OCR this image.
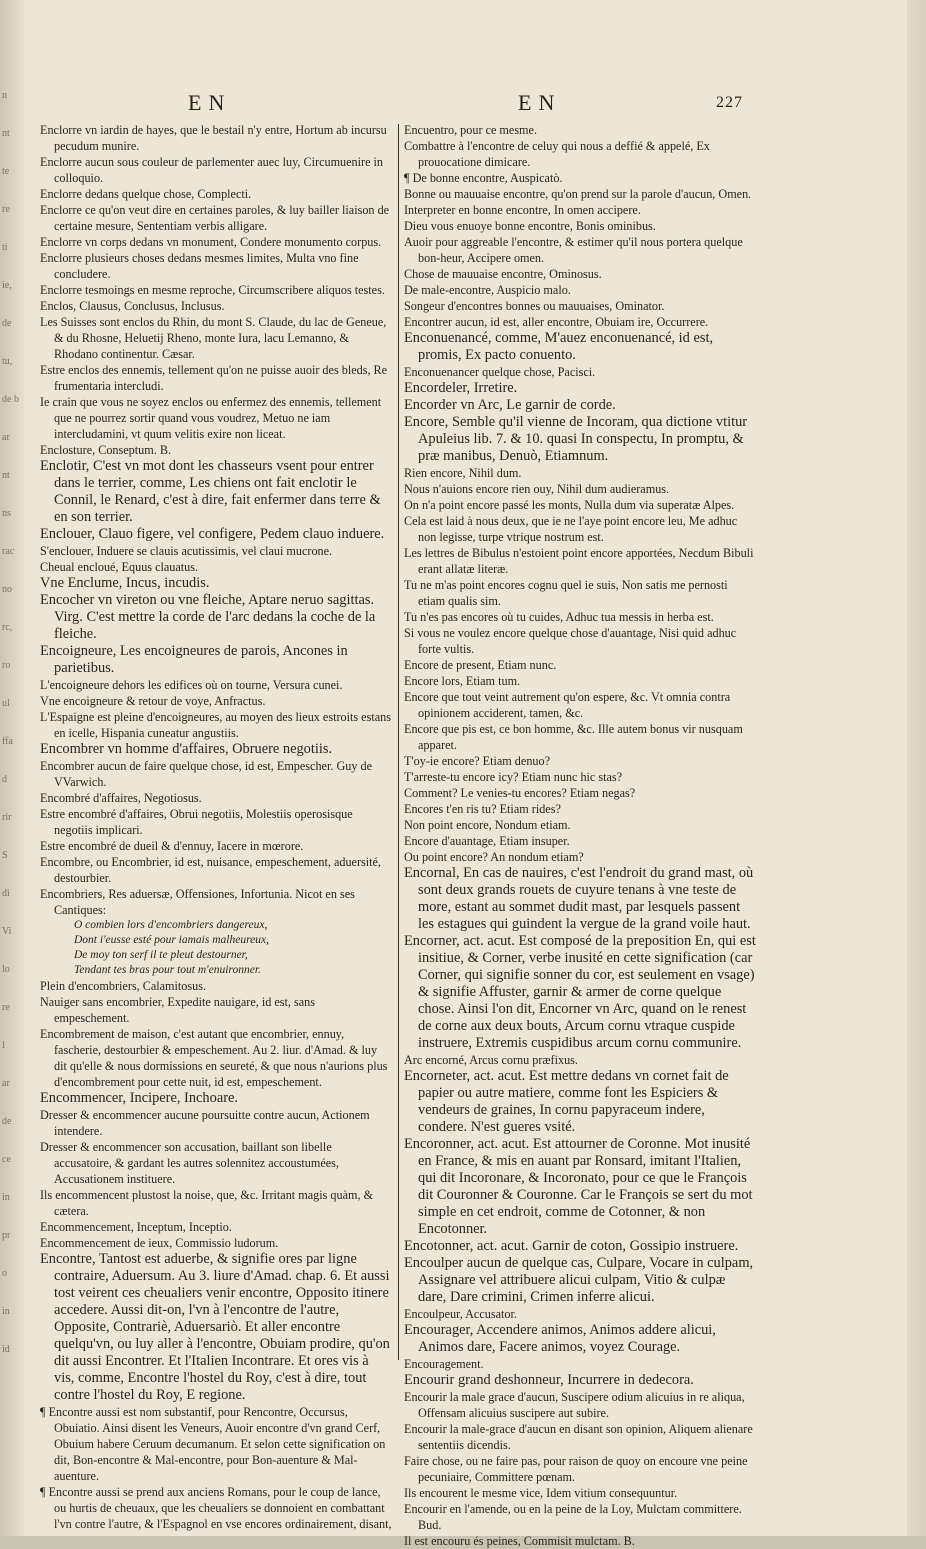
n
nt
te
re
ti
ie,
de
tu,
de b
ar
nt
ns
rac
no
rc,
ro
ul
ffa
d
rir
S
di
Vi
lo
re
l
ar
de
ce
in
pr
o
in
id
EN	EN	227

Enclorre vn iardin de hayes, que le bestail n'y entre, Hortum ab incursu pecudum munire.

Enclorre aucun sous couleur de parlementer auec luy, Circumuenire in colloquio.

Enclorre dedans quelque chose, Complecti.

Enclorre ce qu'on veut dire en certaines paroles, & luy bailler liaison de certaine mesure, Sententiam verbis alligare.

Enclorre vn corps dedans vn monument, Condere monumento corpus.

Enclorre plusieurs choses dedans mesmes limites, Multa vno fine concludere.

Enclorre tesmoings en mesme reproche, Circumscribere aliquos testes.

Enclos, Clausus, Conclusus, Inclusus.

Les Suisses sont enclos du Rhin, du mont S. Claude, du lac de Geneue, & du Rhosne, Heluetij Rheno, monte Iura, lacu Lemanno, & Rhodano continentur. Cæsar.

Estre enclos des ennemis, tellement qu'on ne puisse auoir des bleds, Re frumentaria intercludi.

Ie crain que vous ne soyez enclos ou enfermez des ennemis, tellement que ne pourrez sortir quand vous voudrez, Metuo ne iam intercludamini, vt quum velitis exire non liceat.

Enclosture, Conseptum. B.

Enclotir, C'est vn mot dont les chasseurs vsent pour entrer dans le terrier, comme, Les chiens ont fait enclotir le Connil, le Renard, c'est à dire, fait enfermer dans terre & en son terrier.

Enclouer, Clauo figere, vel configere, Pedem clauo induere.

S'enclouer, Induere se clauis acutissimis, vel claui mucrone.

Cheual encloué, Equus clauatus.

Vne Enclume, Incus, incudis.

Encocher vn vireton ou vne fleiche, Aptare neruo sagittas. Virg. C'est mettre la corde de l'arc dedans la coche de la fleiche.

Encoigneure, Les encoigneures de parois, Ancones in parietibus.

L'encoigneure dehors les edifices où on tourne, Versura cunei.

Vne encoigneure & retour de voye, Anfractus.

L'Espaigne est pleine d'encoigneures, au moyen des lieux estroits estans en icelle, Hispania cuneatur angustiis.

Encombrer vn homme d'affaires, Obruere negotiis.

Encombrer aucun de faire quelque chose, id est, Empescher. Guy de VVarwich.

Encombré d'affaires, Negotiosus.

Estre encombré d'affaires, Obrui negotiis, Molestiis operosisque negotiis implicari.

Estre encombré de dueil & d'ennuy, Iacere in mœrore.

Encombre, ou Encombrier, id est, nuisance, empeschement, aduersité, destourbier.

Encombriers, Res aduersæ, Offensiones, Infortunia. Nicot en ses Cantiques:

O combien lors d'encombriers dangereux,

Dont i'eusse esté pour iamais malheureux,

De moy ton serf il te pleut destourner,

Tendant tes bras pour tout m'enuironner.

Plein d'encombriers, Calamitosus.

Nauiger sans encombrier, Expedite nauigare, id est, sans empeschement.

Encombrement de maison, c'est autant que encombrier, ennuy, fascherie, destourbier & empeschement. Au 2. liur. d'Amad. & luy dit qu'elle & nous dormissions en seureté, & que nous n'aurions plus d'encombrement pour cette nuit, id est, empeschement.

Encommencer, Incipere, Inchoare.

Dresser & encommencer aucune poursuitte contre aucun, Actionem intendere.

Dresser & encommencer son accusation, baillant son libelle accusatoire, & gardant les autres solennitez accoustumées, Accusationem instituere.

Ils encommencent plustost la noise, que, &c. Irritant magis quàm, & cætera.

Encommencement, Inceptum, Inceptio.

Encommencement de ieux, Commissio ludorum.

Encontre, Tantost est aduerbe, & signifie ores par ligne contraire, Aduersum. Au 3. liure d'Amad. chap. 6. Et aussi tost veirent ces cheualiers venir encontre, Opposito itinere accedere. Aussi dit-on, l'vn à l'encontre de l'autre, Opposite, Contrariè, Aduersariò. Et aller encontre quelqu'vn, ou luy aller à l'encontre, Obuiam prodire, qu'on dit aussi Encontrer. Et l'Italien Incontrare. Et ores vis à vis, comme, Encontre l'hostel du Roy, c'est à dire, tout contre l'hostel du Roy, E regione.

¶ Encontre aussi est nom substantif, pour Rencontre, Occursus, Obuiatio. Ainsi disent les Veneurs, Auoir encontre d'vn grand Cerf, Obuium habere Ceruum decumanum. Et selon cette signification on dit, Bon-encontre & Mal-encontre, pour Bon-auenture & Mal-auenture.

¶ Encontre aussi se prend aux anciens Romans, pour le coup de lance, ou hurtis de cheuaux, que les cheualiers se donnoient en combattant l'vn contre l'autre, & l'Espagnol en vse encores ordinairement, disant,

Encuentro, pour ce mesme.

Combattre à l'encontre de celuy qui nous a deffié & appelé, Ex prouocatione dimicare.

¶ De bonne encontre, Auspicatò.

Bonne ou mauuaise encontre, qu'on prend sur la parole d'aucun, Omen.

Interpreter en bonne encontre, In omen accipere.

Dieu vous enuoye bonne encontre, Bonis ominibus.

Auoir pour aggreable l'encontre, & estimer qu'il nous portera quelque bon-heur, Accipere omen.

Chose de mauuaise encontre, Ominosus.

De male-encontre, Auspicio malo.

Songeur d'encontres bonnes ou mauuaises, Ominator.

Encontrer aucun, id est, aller encontre, Obuiam ire, Occurrere.

Enconuenancé, comme, M'auez enconuenancé, id est, promis, Ex pacto conuento.

Enconuenancer quelque chose, Pacisci.

Encordeler, Irretire.

Encorder vn Arc, Le garnir de corde.

Encore, Semble qu'il vienne de Incoram, qua dictione vtitur Apuleius lib. 7. & 10. quasi In conspectu, In promptu, & præ manibus, Denuò, Etiamnum.

Rien encore, Nihil dum.

Nous n'auions encore rien ouy, Nihil dum audieramus.

On n'a point encore passé les monts, Nulla dum via superatæ Alpes.

Cela est laid à nous deux, que ie ne l'aye point encore leu, Me adhuc non legisse, turpe vtrique nostrum est.

Les lettres de Bibulus n'estoient point encore apportées, Necdum Bibuli erant allatæ literæ.

Tu ne m'as point encores cognu quel ie suis, Non satis me pernosti etiam qualis sim.

Tu n'es pas encores où tu cuides, Adhuc tua messis in herba est.

Si vous ne voulez encore quelque chose d'auantage, Nisi quid adhuc forte vultis.

Encore de present, Etiam nunc.

Encore lors, Etiam tum.

Encore que tout veint autrement qu'on espere, &c. Vt omnia contra opinionem acciderent, tamen, &c.

Encore que pis est, ce bon homme, &c. Ille autem bonus vir nusquam apparet.

T'oy-ie encore? Etiam denuo?

T'arreste-tu encore icy? Etiam nunc hic stas?

Comment? Le venies-tu encores? Etiam negas?

Encores t'en ris tu? Etiam rides?

Non point encore, Nondum etiam.

Encore d'auantage, Etiam insuper.

Ou point encore? An nondum etiam?

Encornal, En cas de nauires, c'est l'endroit du grand mast, où sont deux grands rouets de cuyure tenans à vne teste de more, estant au sommet dudit mast, par lesquels passent les estagues qui guindent la vergue de la grand voile haut.

Encorner, act. acut. Est composé de la preposition En, qui est insitiue, & Corner, verbe inusité en cette signification (car Corner, qui signifie sonner du cor, est seulement en vsage) & signifie Affuster, garnir & armer de corne quelque chose. Ainsi l'on dit, Encorner vn Arc, quand on le renest de corne aux deux bouts, Arcum cornu vtraque cuspide instruere, Extremis cuspidibus arcum cornu communire.

Arc encorné, Arcus cornu præfixus.

Encorneter, act. acut. Est mettre dedans vn cornet fait de papier ou autre matiere, comme font les Espiciers & vendeurs de graines, In cornu papyraceum indere, condere. N'est gueres vsité.

Encoronner, act. acut. Est attourner de Coronne. Mot inusité en France, & mis en auant par Ronsard, imitant l'Italien, qui dit Incoronare, & Incoronato, pour ce que le François dit Couronner & Couronne. Car le François se sert du mot simple en cet endroit, comme de Cotonner, & non Encotonner.

Encotonner, act. acut. Garnir de coton, Gossipio instruere.

Encoulper aucun de quelque cas, Culpare, Vocare in culpam, Assignare vel attribuere alicui culpam, Vitio & culpæ dare, Dare crimini, Crimen inferre alicui.

Encoulpeur, Accusator.

Encourager, Accendere animos, Animos addere alicui, Animos dare, Facere animos, voyez Courage.

Encouragement.

Encourir grand deshonneur, Incurrere in dedecora.

Encourir la male grace d'aucun, Suscipere odium alicuius in re aliqua, Offensam alicuius suscipere aut subire.

Encourir la male-grace d'aucun en disant son opinion, Aliquem alienare sententiis dicendis.

Faire chose, ou ne faire pas, pour raison de quoy on encoure vne peine pecuniaire, Committere pœnam.

Ils encourent le mesme vice, Idem vitium consequuntur.

Encourir en l'amende, ou en la peine de la Loy, Mulctam committere. Bud.

Il est encouru és peines, Commisit mulctam. B.
